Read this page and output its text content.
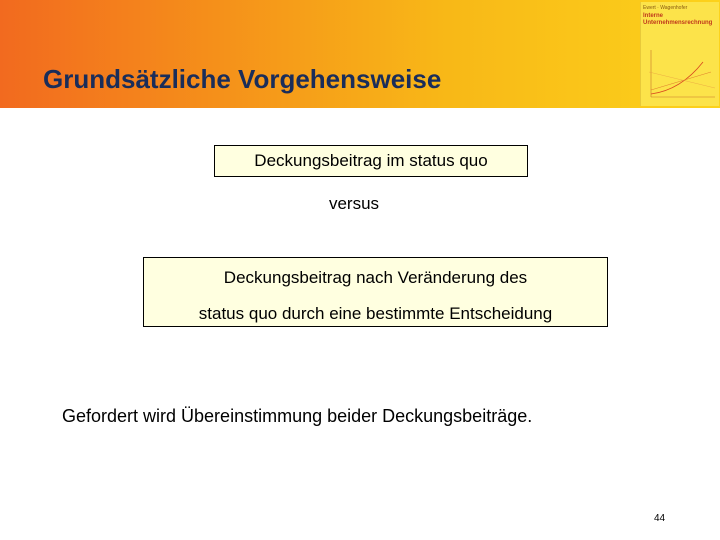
Grundsätzliche Vorgehensweise
Ewert · Wagenhofer
Interne
Unternehmensrechnung
Deckungsbeitrag im status quo
versus
Deckungsbeitrag nach Veränderung des
status quo durch eine bestimmte Entscheidung
Gefordert wird Übereinstimmung beider Deckungsbeiträge.
44
